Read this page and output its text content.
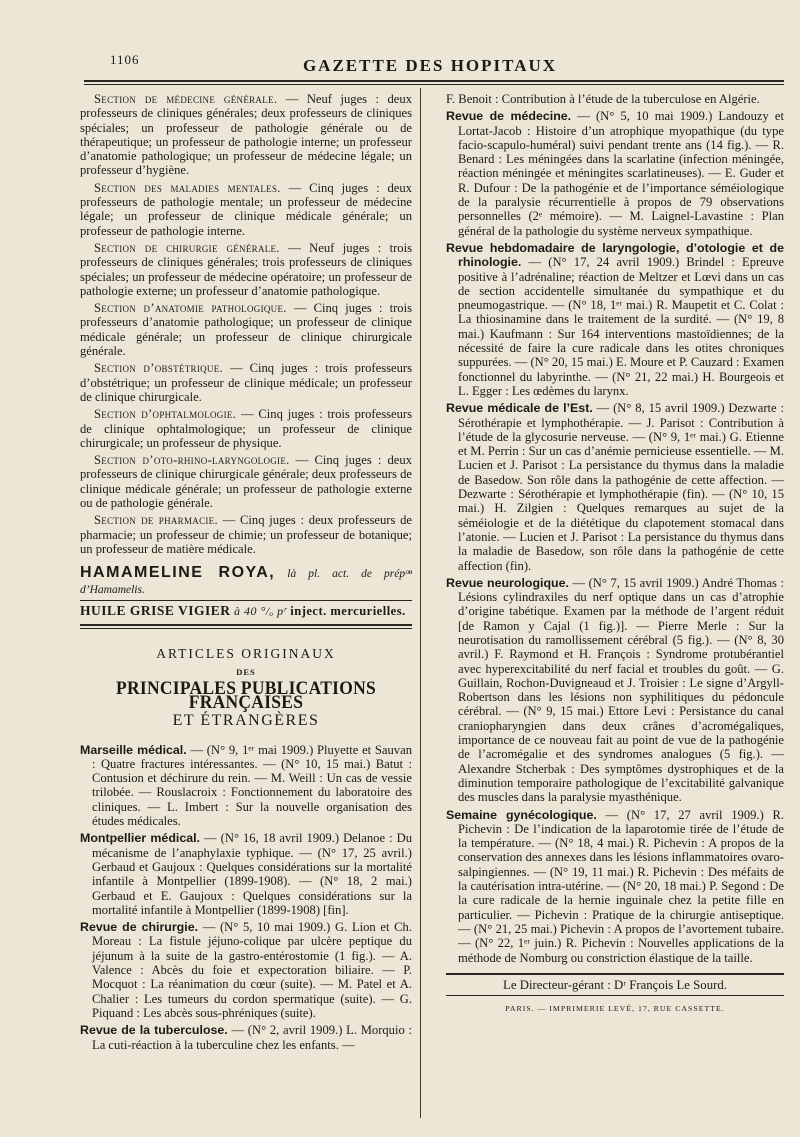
1106	GAZETTE DES HOPITAUX

Section de médecine générale. — Neuf juges : deux professeurs de cliniques générales; deux professeurs de cliniques spéciales; un professeur de pathologie générale ou de thérapeutique; un professeur de pathologie interne; un professeur d’anatomie pathologique; un professeur de médecine légale; un professeur d’hygiène.

Section des maladies mentales. — Cinq juges : deux professeurs de pathologie mentale; un professeur de médecine légale; un professeur de clinique médicale générale; un professeur de pathologie interne.

Section de chirurgie générale. — Neuf juges : trois professeurs de cliniques générales; trois professeurs de cliniques spéciales; un professeur de médecine opératoire; un professeur de pathologie externe; un professeur d’anatomie pathologique.

Section d’anatomie pathologique. — Cinq juges : trois professeurs d’anatomie pathologique; un professeur de clinique médicale générale; un professeur de clinique chirurgicale générale.

Section d’obstétrique. — Cinq juges : trois professeurs d’obstétrique; un professeur de clinique médicale; un professeur de clinique chirurgicale.

Section d’ophtalmologie. — Cinq juges : trois professeurs de clinique ophtalmologique; un professeur de clinique chirurgicale; un professeur de physique.

Section d’oto-rhino-laryngologie. — Cinq juges : deux professeurs de clinique chirurgicale générale; deux professeurs de clinique médicale générale; un professeur de pathologie externe ou de pathologie générale.

Section de pharmacie. — Cinq juges : deux professeurs de pharmacie; un professeur de chimie; un professeur de botanique; un professeur de matière médicale.

HAMAMELINE ROYA, là pl. act. de prépᵒⁿ d’Hamamelis.
HUILE GRISE VIGIER à 40 °/ₒ pʳ inject. mercurielles.
ARTICLES ORIGINAUX
DES
PRINCIPALES PUBLICATIONS FRANÇAISES
ET ÉTRANGÈRES

Marseille médical. — (N° 9, 1ᵉʳ mai 1909.) Pluyette et Sauvan : Quatre fractures intéressantes. — (N° 10, 15 mai.) Batut : Contusion et déchirure du rein. — M. Weill : Un cas de vessie trilobée. — Rouslacroix : Fonctionnement du laboratoire des cliniques. — L. Imbert : Sur la nouvelle organisation des études médicales.

Montpellier médical. — (N° 16, 18 avril 1909.) Delanoe : Du mécanisme de l’anaphylaxie typhique. — (N° 17, 25 avril.) Gerbaud et Gaujoux : Quelques considérations sur la mortalité infantile à Montpellier (1899-1908). — (N° 18, 2 mai.) Gerbaud et E. Gaujoux : Quelques considérations sur la mortalité infantile à Montpellier (1899-1908) [fin].

Revue de chirurgie. — (N° 5, 10 mai 1909.) G. Lion et Ch. Moreau : La fistule jéjuno-colique par ulcère peptique du jéjunum à la suite de la gastro-entérostomie (1 fig.). — A. Valence : Abcès du foie et expectoration biliaire. — P. Mocquot : La réanimation du cœur (suite). — M. Patel et A. Chalier : Les tumeurs du cordon spermatique (suite). — G. Piquand : Les abcès sous-phréniques (suite).

Revue de la tuberculose. — (N° 2, avril 1909.) L. Morquio : La cuti-réaction à la tuberculine chez les enfants. —

F. Benoit : Contribution à l’étude de la tuberculose en Algérie.

Revue de médecine. — (N° 5, 10 mai 1909.) Landouzy et Lortat-Jacob : Histoire d’un atrophique myopathique (du type facio-scapulo-huméral) suivi pendant trente ans (14 fig.). — R. Benard : Les méningées dans la scarlatine (infection méningée, réaction méningée et méningites scarlatineuses). — E. Guder et R. Dufour : De la pathogénie et de l’importance séméiologique de la paralysie récurrentielle à propos de 79 observations personnelles (2ᵉ mémoire). — M. Laignel-Lavastine : Plan général de la pathologie du système nerveux sympathique.

Revue hebdomadaire de laryngologie, d’otologie et de rhinologie. — (N° 17, 24 avril 1909.) Brindel : Epreuve positive à l’adrénaline; réaction de Meltzer et Lœvi dans un cas de section accidentelle simultanée du sympathique et du pneumogastrique. — (N° 18, 1ᵉʳ mai.) R. Maupetit et C. Colat : La thiosinamine dans le traitement de la surdité. — (N° 19, 8 mai.) Kaufmann : Sur 164 interventions mastoïdiennes; de la nécessité de faire la cure radicale dans les otites chroniques suppurées. — (N° 20, 15 mai.) E. Moure et P. Cauzard : Examen fonctionnel du labyrinthe. — (N° 21, 22 mai.) H. Bourgeois et L. Egger : Les œdèmes du larynx.

Revue médicale de l’Est. — (N° 8, 15 avril 1909.) Dezwarte : Sérothérapie et lymphothérapie. — J. Parisot : Contribution à l’étude de la glycosurie nerveuse. — (N° 9, 1ᵉʳ mai.) G. Etienne et M. Perrin : Sur un cas d’anémie pernicieuse essentielle. — M. Lucien et J. Parisot : La persistance du thymus dans la maladie de Basedow. Son rôle dans la pathogénie de cette affection. — Dezwarte : Sérothérapie et lymphothérapie (fin). — (N° 10, 15 mai.) H. Zilgien : Quelques remarques au sujet de la séméiologie et de la diététique du clapotement stomacal dans l’atonie. — Lucien et J. Parisot : La persistance du thymus dans la maladie de Basedow, son rôle dans la pathogénie de cette affection (fin).

Revue neurologique. — (N° 7, 15 avril 1909.) André Thomas : Lésions cylindraxiles du nerf optique dans un cas d’atrophie d’origine tabétique. Examen par la méthode de l’argent réduit [de Ramon y Cajal (1 fig.)]. — Pierre Merle : Sur la neurotisation du ramollissement cérébral (5 fig.). — (N° 8, 30 avril.) F. Raymond et H. François : Syndrome protubérantiel avec hyperexcitabilité du nerf facial et troubles du goût. — G. Guillain, Rochon-Duvigneaud et J. Troisier : Le signe d’Argyll-Robertson dans les lésions non syphilitiques du pédoncule cérébral. — (N° 9, 15 mai.) Ettore Levi : Persistance du canal craniopharyngien dans deux crânes d’acromégaliques, importance de ce nouveau fait au point de vue de la pathogénie de l’acromégalie et des syndromes analogues (5 fig.). — Alexandre Stcherbak : Des symptômes dystrophiques et de la diminution temporaire pathologique de l’excitabilité galvanique des muscles dans la paralysie myasthénique.

Semaine gynécologique. — (N° 17, 27 avril 1909.) R. Pichevin : De l’indication de la laparotomie tirée de l’étude de la température. — (N° 18, 4 mai.) R. Pichevin : A propos de la conservation des annexes dans les lésions inflammatoires ovaro-salpingiennes. — (N° 19, 11 mai.) R. Pichevin : Des méfaits de la cautérisation intra-utérine. — (N° 20, 18 mai.) P. Segond : De la cure radicale de la hernie inguinale chez la petite fille en particulier. — Pichevin : Pratique de la chirurgie antiseptique. — (N° 21, 25 mai.) Pichevin : A propos de l’avortement tubaire. — (N° 22, 1ᵉʳ juin.) R. Pichevin : Nouvelles applications de la méthode de Nomburg ou constriction élastique de la taille.

Le Directeur-gérant : Dʳ François Le Sourd.
PARIS. — IMPRIMERIE LEVÉ, 17, RUE CASSETTE.
